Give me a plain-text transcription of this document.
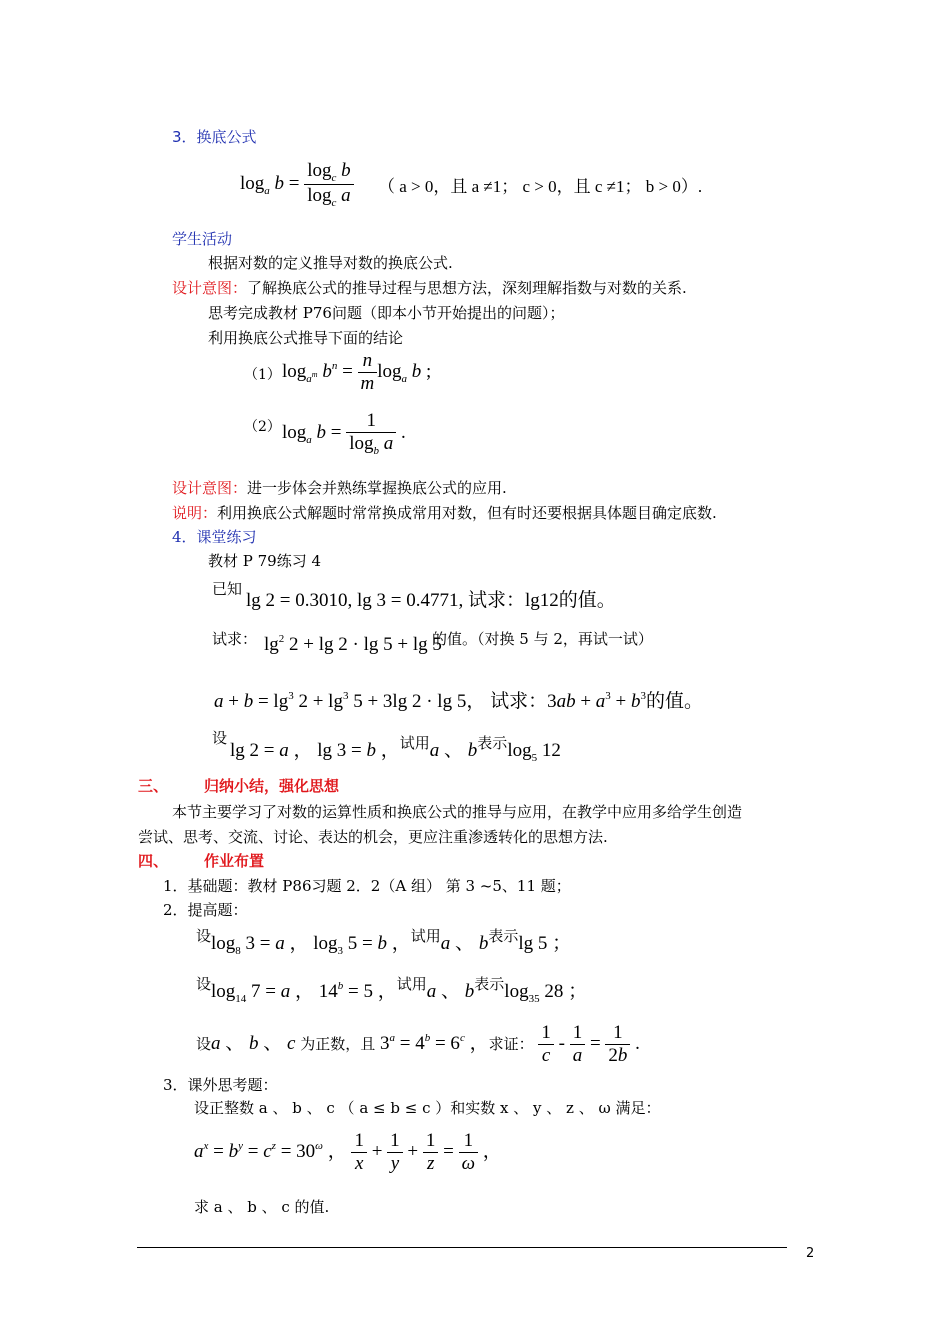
3．换底公式
$\log_a b = \frac{\log_c b}{\log_c a}$ （ a > 0，且 a ≠1； c > 0，且 c ≠1； b > 0）.
学生活动
根据对数的定义推导对数的换底公式.
设计意图：了解换底公式的推导过程与思想方法，深刻理解指数与对数的关系.
思考完成教材 P76问题（即本小节开始提出的问题）；
利用换底公式推导下面的结论
（1） $\log_{a^m} b^n = \frac{n}{m} \log_a b$ ;
（2） $\log_a b = \frac{1}{\log_b a}$ .
设计意图：进一步体会并熟练掌握换底公式的应用.
说明：利用换底公式解题时常常换成常用对数，但有时还要根据具体题目确定底数.
4．课堂练习
教材 P 79练习 4
已知
lg 2 = 0.3010, lg 3 = 0.4771, 试求：lg12的值。
试求： $\lg^2 2 + \lg 2 \cdot \lg 5 + \lg 5$
的值。（对换 5 与 2，再试一试）
$a + b = \lg^3 2 + \lg^3 5 + 3\lg$ 2 · lg 5， 试求：$3ab + a^3 + b^3$的值。
设
lg 2 = a ， lg 3 = b ，$^{试用}$a 、 $b^{表示}\log_5$ 12
三、 归纳小结，强化思想
本节主要学习了对数的运算性质和换底公式的推导与应用，在教学中应用多给学生创造
尝试、思考、交流、讨论、表达的机会，更应注重渗透转化的思想方法.
四、 作业布置
1．基础题：教材 P86习题 2．2（A 组） 第 3 ~5、11 题；
2．提高题：
$^设\log_8$ 3 = a ， $\log_3 5 = b$ ，$^{试用}$a 、 $b^{表示}\lg$ 5 ；
$^设\log_{14}$ 7 = a ， $14^b = 5$ ，$^{试用}$a 、 $b^{表示}\log_{35}$ 28 ；
设a 、 b 、 c 为正数，且 $3^a = 4^b = 6^c$ ，求证： $\frac{1}{c} - \frac{1}{a} = \frac{1}{2b}$ .
3．课外思考题：
设正整数 a 、 b 、 c （ a ≤ b ≤ c ）和实数 x 、 y 、 z 、 ω 满足：
$a^x = b^y = c^z = 30^\omega$ ， $\frac{1}{x} + \frac{1}{y} + \frac{1}{z} = \frac{1}{\omega}$ ，
求 a 、 b 、 c 的值.
2
